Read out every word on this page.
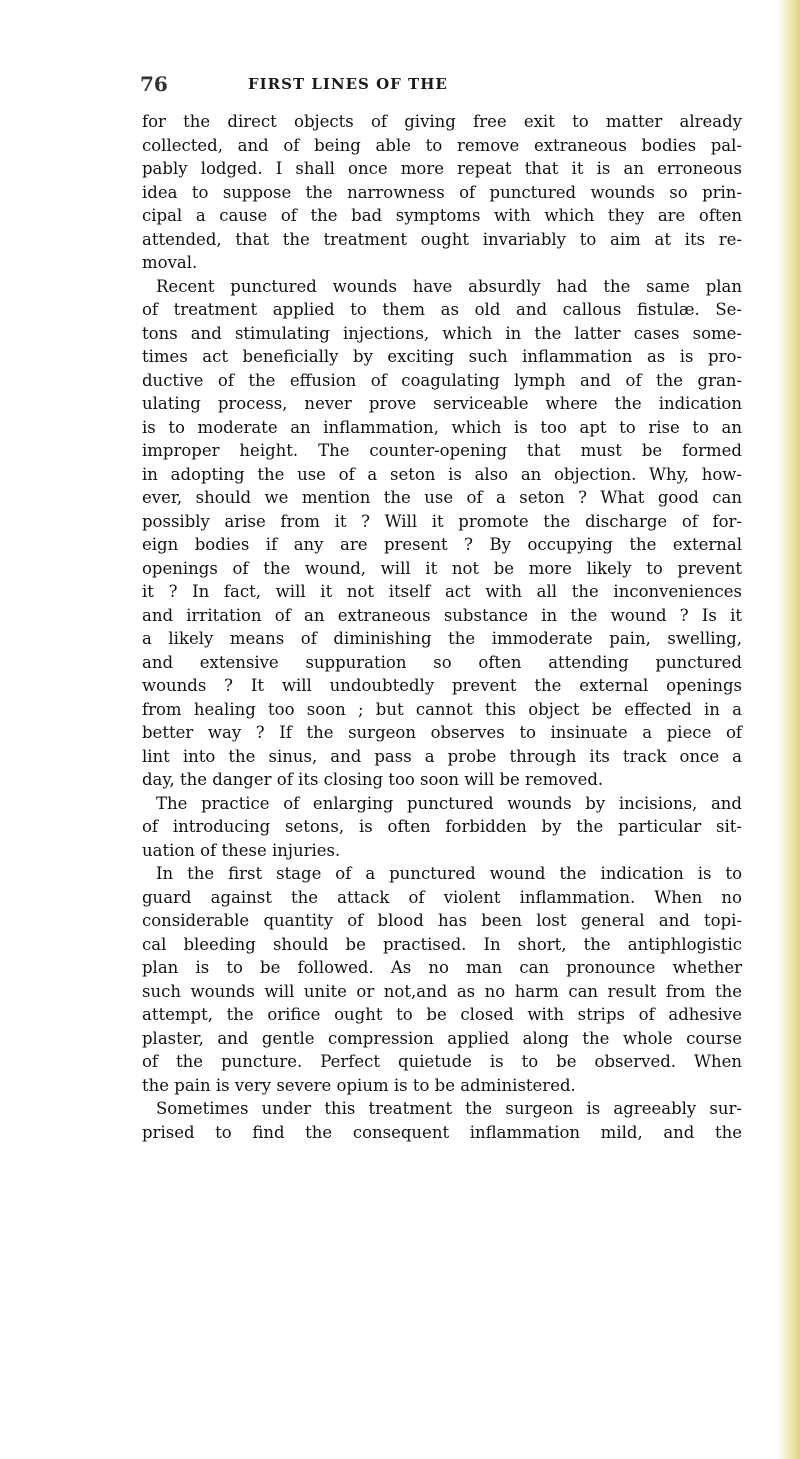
76	FIRST LINES OF THE
for the direct objects of giving free exit to matter already
collected, and of being able to remove extraneous bodies pal-
pably lodged. I shall once more repeat that it is an erroneous
idea to suppose the narrowness of punctured wounds so prin-
cipal a cause of the bad symptoms with which they are often
attended, that the treatment ought invariably to aim at its re-
moval.
Recent punctured wounds have absurdly had the same plan
of treatment applied to them as old and callous fistulæ. Se-
tons and stimulating injections, which in the latter cases some-
times act beneficially by exciting such inflammation as is pro-
ductive of the effusion of coagulating lymph and of the gran-
ulating process, never prove serviceable where the indication
is to moderate an inflammation, which is too apt to rise to an
improper height. The counter-opening that must be formed
in adopting the use of a seton is also an objection. Why, how-
ever, should we mention the use of a seton ? What good can
possibly arise from it ? Will it promote the discharge of for-
eign bodies if any are present ? By occupying the external
openings of the wound, will it not be more likely to prevent
it ? In fact, will it not itself act with all the inconveniences
and irritation of an extraneous substance in the wound ? Is it
a likely means of diminishing the immoderate pain, swelling,
and extensive suppuration so often attending punctured
wounds ? It will undoubtedly prevent the external openings
from healing too soon ; but cannot this object be effected in a
better way ? If the surgeon observes to insinuate a piece of
lint into the sinus, and pass a probe through its track once a
day, the danger of its closing too soon will be removed.
The practice of enlarging punctured wounds by incisions, and
of introducing setons, is often forbidden by the particular sit-
uation of these injuries.
In the first stage of a punctured wound the indication is to
guard against the attack of violent inflammation. When no
considerable quantity of blood has been lost general and topi-
cal bleeding should be practised. In short, the antiphlogistic
plan is to be followed. As no man can pronounce whether
such wounds will unite or not,and as no harm can result from the
attempt, the orifice ought to be closed with strips of adhesive
plaster, and gentle compression applied along the whole course
of the puncture. Perfect quietude is to be observed. When
the pain is very severe opium is to be administered.
Sometimes under this treatment the surgeon is agreeably sur-
prised to find the consequent inflammation mild, and the
